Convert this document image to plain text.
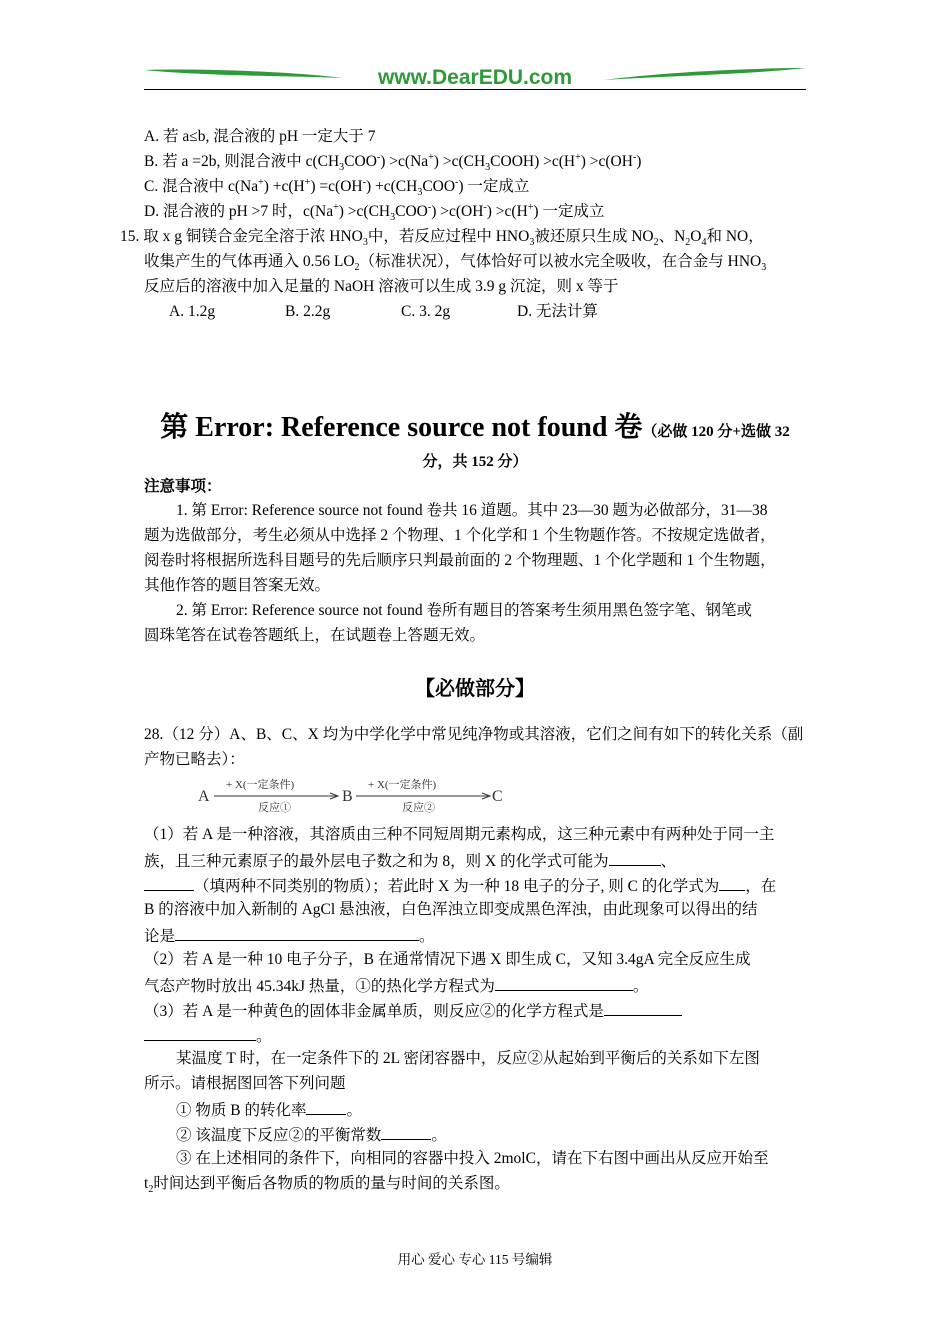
www.DearEDU.com
A. 若 a≤b, 混合液的 pH 一定大于 7
B. 若 a =2b, 则混合液中 $c(CH_3COO^-) >c(Na^+)$ $>c(CH_3COOH) >c(H^+) >c(OH^-)$
C. 混合液中 $c(Na^+) +c(H^+) =c(OH^-) +c(CH_3COO^-)$ 一定成立
D. 混合液的 pH >7 时，$c(Na^+) >c(CH_3COO^-) >c(OH^-) >c(H^+)$ 一定成立
15. 取 x g 铜镁合金完全溶于浓 $HNO_3$中，若反应过程中 $HNO_3$被还原只生成 $NO_2$、$N_2O_4$和 NO，
收集产生的气体再通入 0.56 $LO_2$（标准状况），气体恰好可以被水完全吸收，在合金与 $HNO_3$
反应后的溶液中加入足量的 NaOH 溶液可以生成 3.9 g 沉淀，则 x 等于
A. 1.2g	B. 2.2g	C. 3. 2g	D. 无法计算
第 Error: Reference source not found 卷（必做 120 分+选做 32
分，共 152 分）
注意事项：
1. 第 Error: Reference source not found 卷共 16 道题。其中 23—30 题为必做部分，31—38
题为选做部分，考生必须从中选择 2 个物理、1 个化学和 1 个生物题作答。不按规定选做者，
阅卷时将根据所选科目题号的先后顺序只判最前面的 2 个物理题、1 个化学题和 1 个生物题，
其他作答的题目答案无效。
2. 第 Error: Reference source not found 卷所有题目的答案考生须用黑色签字笔、钢笔或
圆珠笔答在试卷答题纸上，在试题卷上答题无效。
【必做部分】
28.（12 分）A、B、C、X 均为中学化学中常见纯净物或其溶液，它们之间有如下的转化关系（副
产物已略去）：
A
+ X(一定条件)
反应①
B
+ X(一定条件)
反应②
C
（1）若 A 是一种溶液，其溶质由三种不同短周期元素构成，这三种元素中有两种处于同一主
族，且三种元素原子的最外层电子数之和为 8，则 X 的化学式可能为	、
（填两种不同类别的物质）；若此时 X 为一种 18 电子的分子, 则 C 的化学式为 ，在
B 的溶液中加入新制的 AgCl 悬浊液，白色浑浊立即变成黑色浑浊，由此现象可以得出的结
论是	。
（2）若 A 是一种 10 电子分子，B 在通常情况下遇 X 即生成 C，又知 3.4gA 完全反应生成
气态产物时放出 45.34kJ 热量，①的热化学方程式为	。
（3）若 A 是一种黄色的固体非金属单质，则反应②的化学方程式是
。
某温度 T 时，在一定条件下的 2L 密闭容器中，反应②从起始到平衡后的关系如下左图
所示。请根据图回答下列问题
① 物质 B 的转化率	。
② 该温度下反应②的平衡常数	。
③ 在上述相同的条件下，向相同的容器中投入 2molC，请在下右图中画出从反应开始至
$t_2$时间达到平衡后各物质的物质的量与时间的关系图。
用心 爱心 专心 115 号编辑
